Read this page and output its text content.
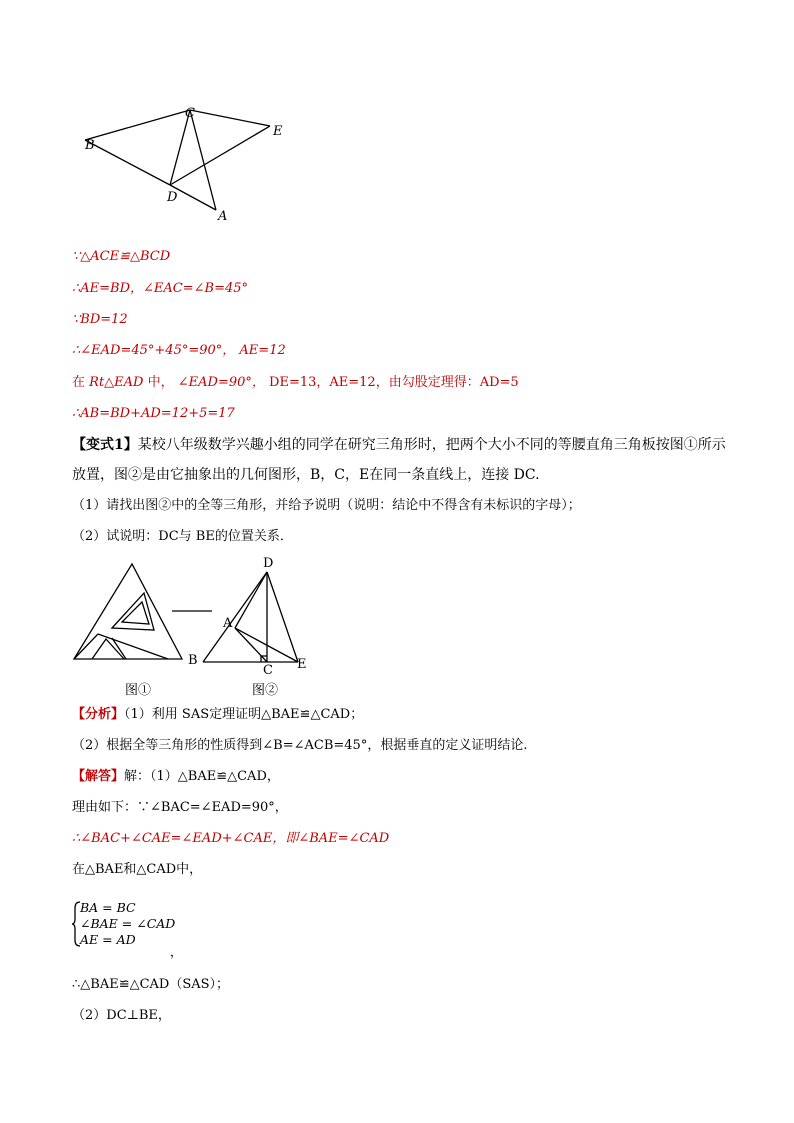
B
C
E
D
A
∵△ACE≌△BCD
∴AE=BD，∠EAC=∠B=45°
∵BD=12
∴∠EAD=45°+45°=90°， AE=12
在 Rt△EAD 中， ∠EAD=90°， DE=13，AE=12，由勾股定理得：AD=5
∴AB=BD+AD=12+5=17
【变式1】某校八年级数学兴趣小组的同学在研究三角形时，把两个大小不同的等腰直角三角板按图①所示
放置，图②是由它抽象出的几何图形，B，C，E在同一条直线上，连接 DC.
（1）请找出图②中的全等三角形，并给予说明（说明：结论中不得含有未标识的字母）；
（2）试说明：DC与 BE的位置关系．
D
A
B
C E
图①	图②
【分析】（1）利用 SAS定理证明△BAE≌△CAD；
（2）根据全等三角形的性质得到∠B=∠ACB=45°，根据垂直的定义证明结论.
【解答】解：（1）△BAE≌△CAD，
理由如下：∵∠BAC=∠EAD=90°，
∴∠BAC+∠CAE=∠EAD+∠CAE，即∠BAE=∠CAD
在△BAE和△CAD中，
BA = BC
∠BAE = ∠CAD
AE = AD
，
∴△BAE≌△CAD（SAS）；
（2）DC⊥BE，
